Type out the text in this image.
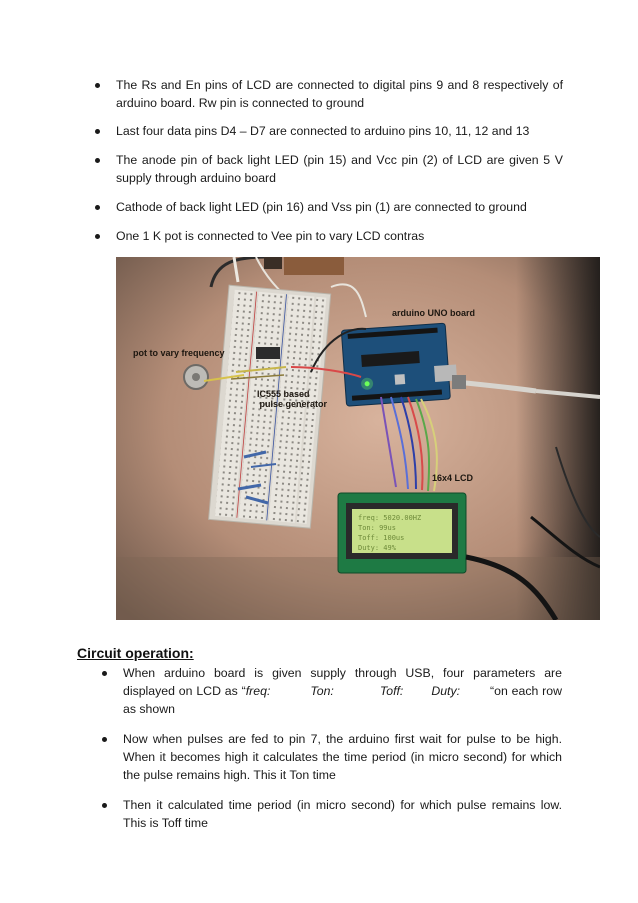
The Rs and En pins of LCD are connected to digital pins 9 and 8 respectively of arduino board. Rw pin is connected to ground
Last four data pins D4 – D7 are connected to arduino pins 10, 11, 12 and 13
The anode pin of back light LED (pin 15) and Vcc pin (2) of LCD are given 5 V supply through arduino board
Cathode of back light LED (pin 16) and Vss pin (1) are connected to ground
One 1 K pot is connected to Vee pin to vary LCD contras
freq: 5020.00HZ
Ton: 99us
Toff: 100us
Duty: 49%
arduino UNO board
pot to vary frequency
IC555 based
pulse generator
16x4 LCD
Circuit operation:
When arduino board is given supply through USB, four parameters are displayed on LCD as “freq:	Ton:	Toff: Duty: “on each row as shown
Now when pulses are fed to pin 7, the arduino first wait for pulse to be high. When it becomes high it calculates the time period (in micro second) for which the pulse remains high. This it Ton time
Then it calculated time period (in micro second) for which pulse remains low. This is Toff time
